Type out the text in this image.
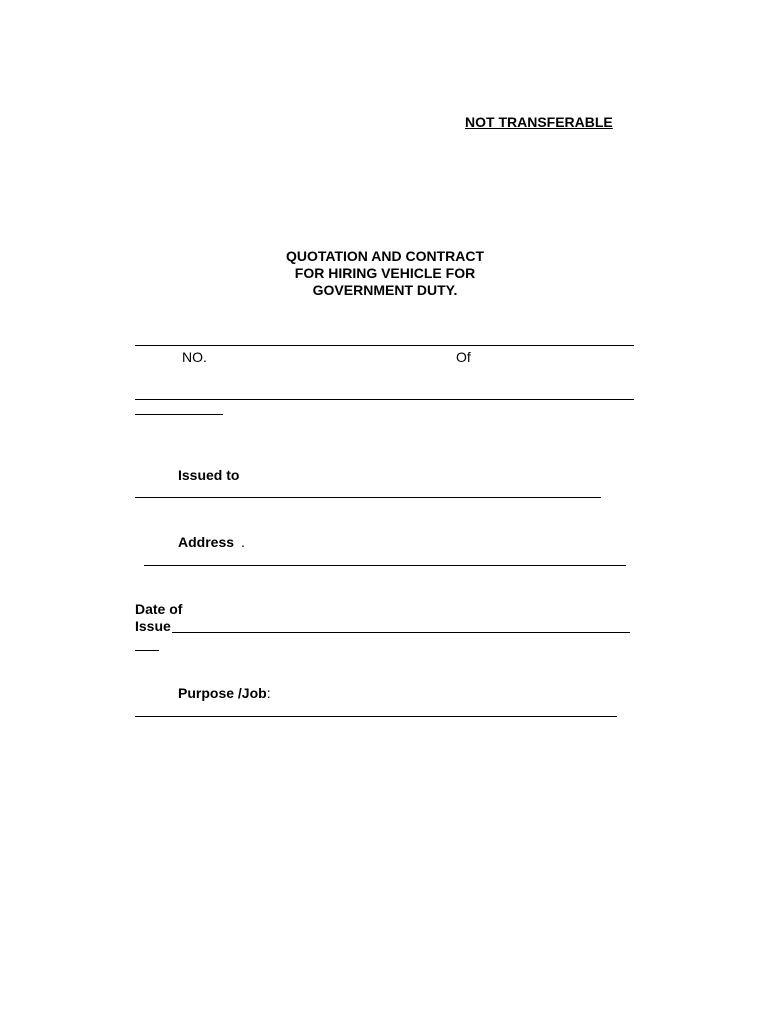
NOT TRANSFERABLE
QUOTATION AND CONTRACT
FOR HIRING VEHICLE FOR
GOVERNMENT DUTY.
NO.	Of
Issued to
Address .
Date of
Issue
Purpose /Job:
